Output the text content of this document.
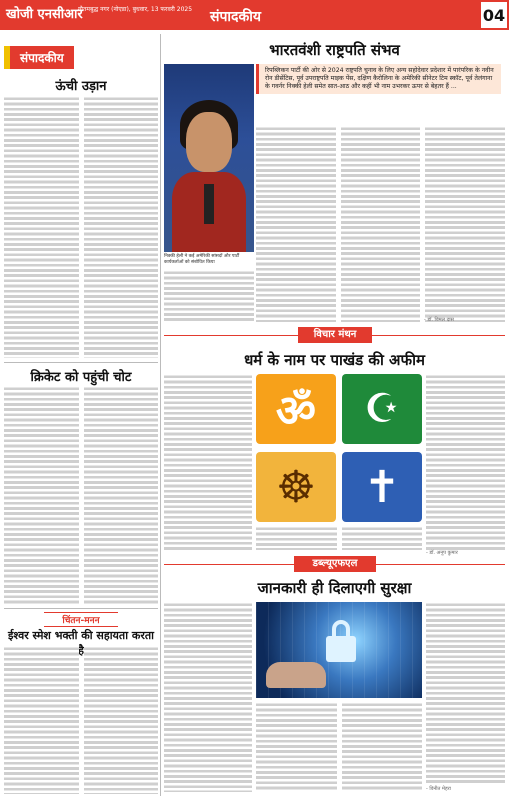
खोजी एनसीआर
गौतमबुद्ध नगर (नोएडा), बुधवार, 13 फरवरी 2025 संपादकीय	04
संपादकीय
ऊंची उड़ान
क्रिकेट को पहुंची चोट
चिंतन-मनन
ईश्वर स्मेश भक्ती की सहायता करता है
भारतवंशी राष्ट्रपति संभव
निक्की हेली ने कई अमेरिकी सांसदों और पार्टी कार्यकर्ताओं को संबोधित किया
रिपब्लिकन पार्टी की ओर से 2024 राष्ट्रपति चुनाव के लिए अन्य सहोदेवार प्रदेशार में पारंपरिक के नवीन रोन डीसेंटिस, पूर्व उपराष्ट्रपति माइक पेंस, दक्षिण कैरोलिना के अमेरिकी सीनेटर टिम स्कॉट, पूर्व तेलंगाना के गवर्नर निक्की हेली समेत सात-आठ और कहीं भी नाम उभरकर ऊपर से बेहतर हैं ...
- डॉ. विमल दास
विचार मंथन
धर्म के नाम पर पाखंड की अफीम
ॐ	☪
☸	✝
- डॉ. अनूप कुमार
डब्ल्यूएफएल
जानकारी ही दिलाएगी सुरक्षा
- विनीत मेहरा
